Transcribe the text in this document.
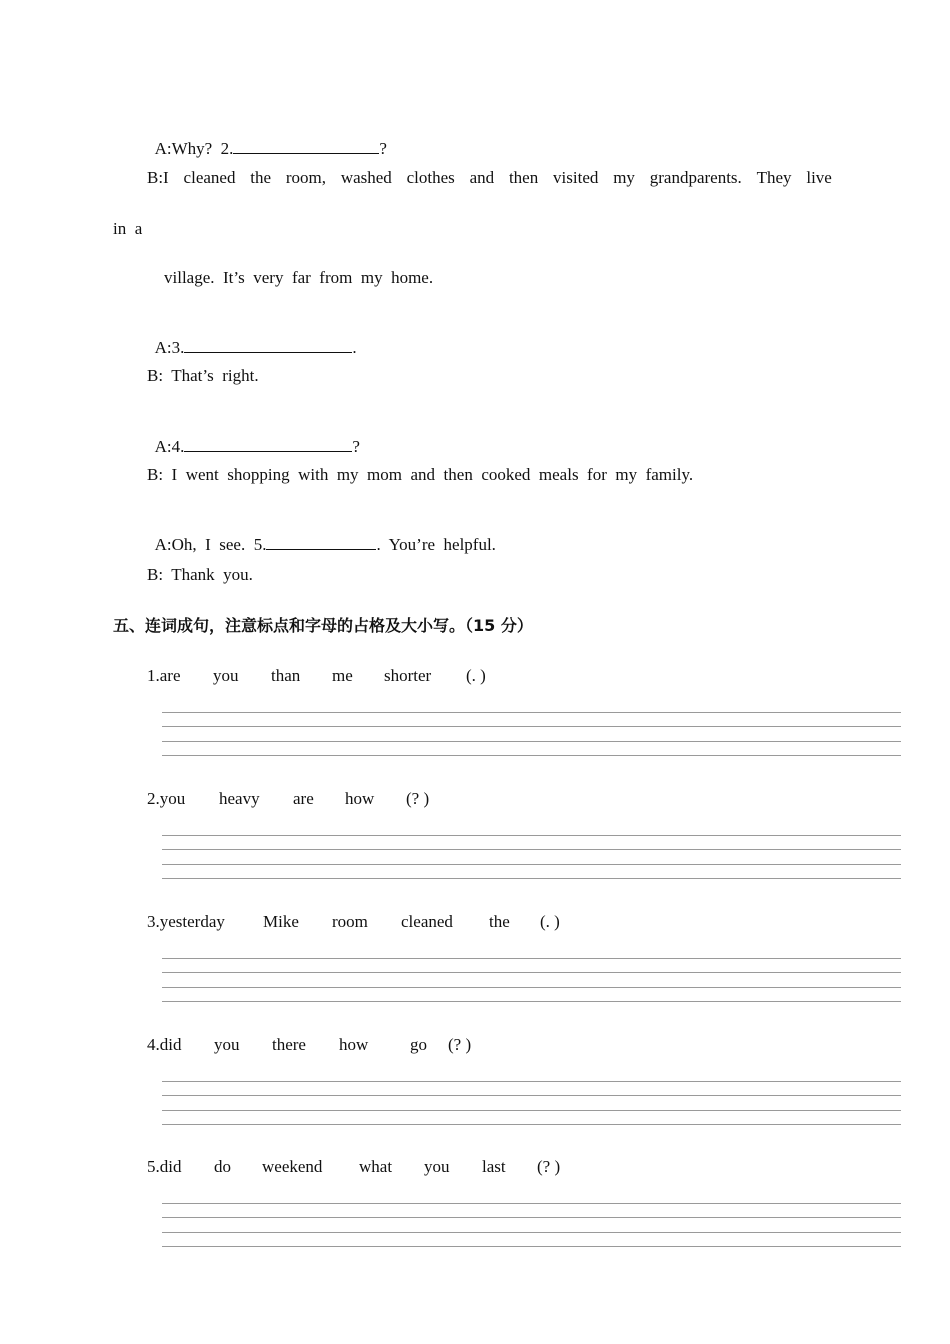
A:Why?  2.	?

B:I cleaned the room, washed clothes and then visited my grandparents. They live
in  a
village.  It’s  very  far  from  my  home.

A:3.	.

B:  That’s  right.

A:4.	?

B:  I  went  shopping  with  my  mom  and  then  cooked  meals  for  my  family.

A:Oh,  I  see.  5.	.  You’re  helpful.

B:  Thank  you.
五、连词成句，注意标点和字母的占格及大小写。（15 分）
1.are you than me shorter (. )
2.you heavy are how (? )
3.yesterday Mike room cleaned the (. )
4.did you there how go (? )
5.did do weekend what you last (? )
